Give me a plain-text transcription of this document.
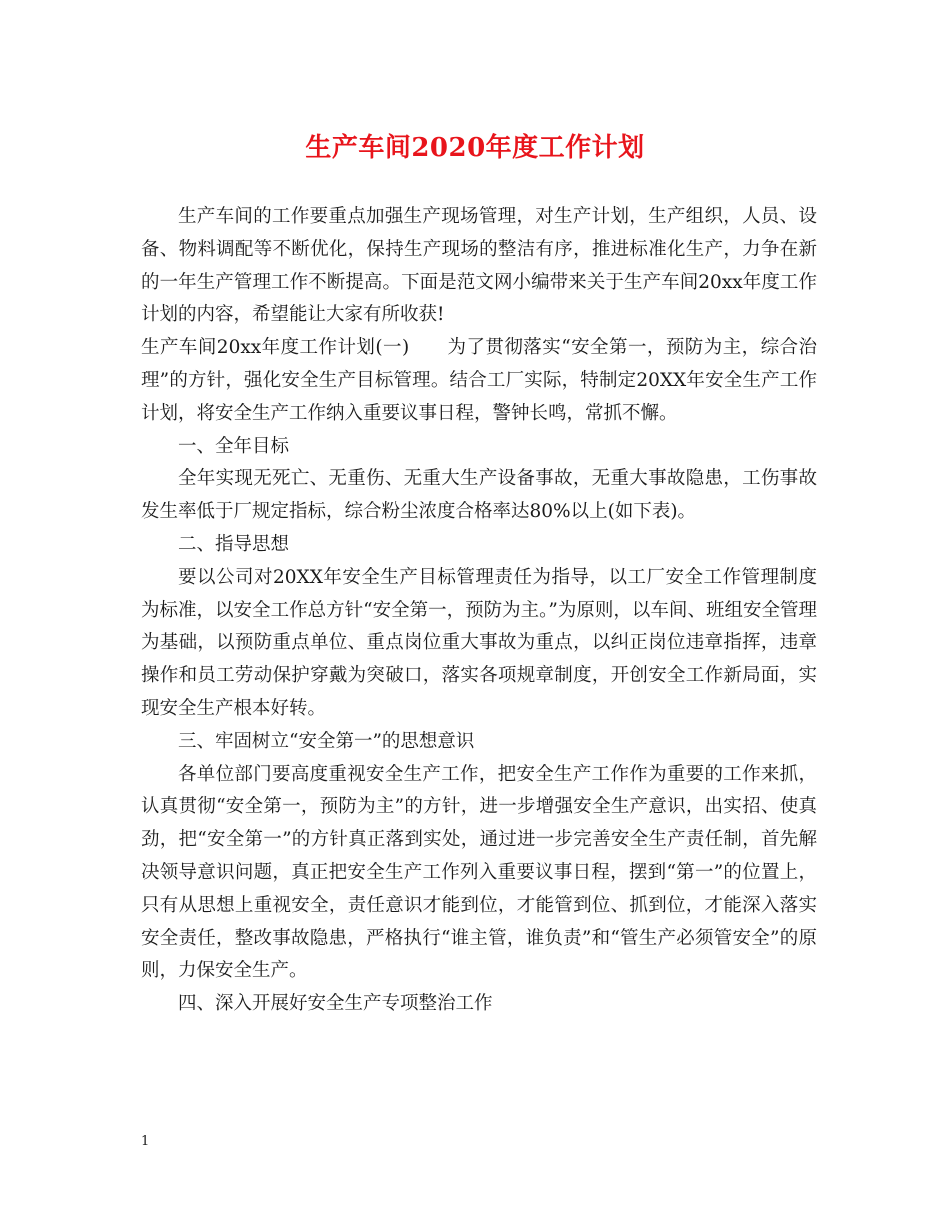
生产车间2020年度工作计划

生产车间的工作要重点加强生产现场管理，对生产计划，生产组织，人员、设备、物料调配等不断优化，保持生产现场的整洁有序，推进标准化生产，力争在新的一年生产管理工作不断提高。下面是范文网小编带来关于生产车间20xx年度工作计划的内容，希望能让大家有所收获!

生产车间20xx年度工作计划(一)　　为了贯彻落实“安全第一，预防为主，综合治理”的方针，强化安全生产目标管理。结合工厂实际，特制定20XX年安全生产工作计划，将安全生产工作纳入重要议事日程，警钟长鸣，常抓不懈。

一、全年目标

全年实现无死亡、无重伤、无重大生产设备事故，无重大事故隐患，工伤事故发生率低于厂规定指标，综合粉尘浓度合格率达80%以上(如下表)。

二、指导思想

要以公司对20XX年安全生产目标管理责任为指导，以工厂安全工作管理制度为标准，以安全工作总方针“安全第一，预防为主。”为原则，以车间、班组安全管理为基础，以预防重点单位、重点岗位重大事故为重点，以纠正岗位违章指挥，违章操作和员工劳动保护穿戴为突破口，落实各项规章制度，开创安全工作新局面，实现安全生产根本好转。

三、牢固树立“安全第一”的思想意识

各单位部门要高度重视安全生产工作，把安全生产工作作为重要的工作来抓，认真贯彻“安全第一，预防为主”的方针，进一步增强安全生产意识，出实招、使真劲，把“安全第一”的方针真正落到实处，通过进一步完善安全生产责任制，首先解决领导意识问题，真正把安全生产工作列入重要议事日程，摆到“第一”的位置上，只有从思想上重视安全，责任意识才能到位，才能管到位、抓到位，才能深入落实安全责任，整改事故隐患，严格执行“谁主管，谁负责”和“管生产必须管安全”的原则，力保安全生产。

四、深入开展好安全生产专项整治工作

1
